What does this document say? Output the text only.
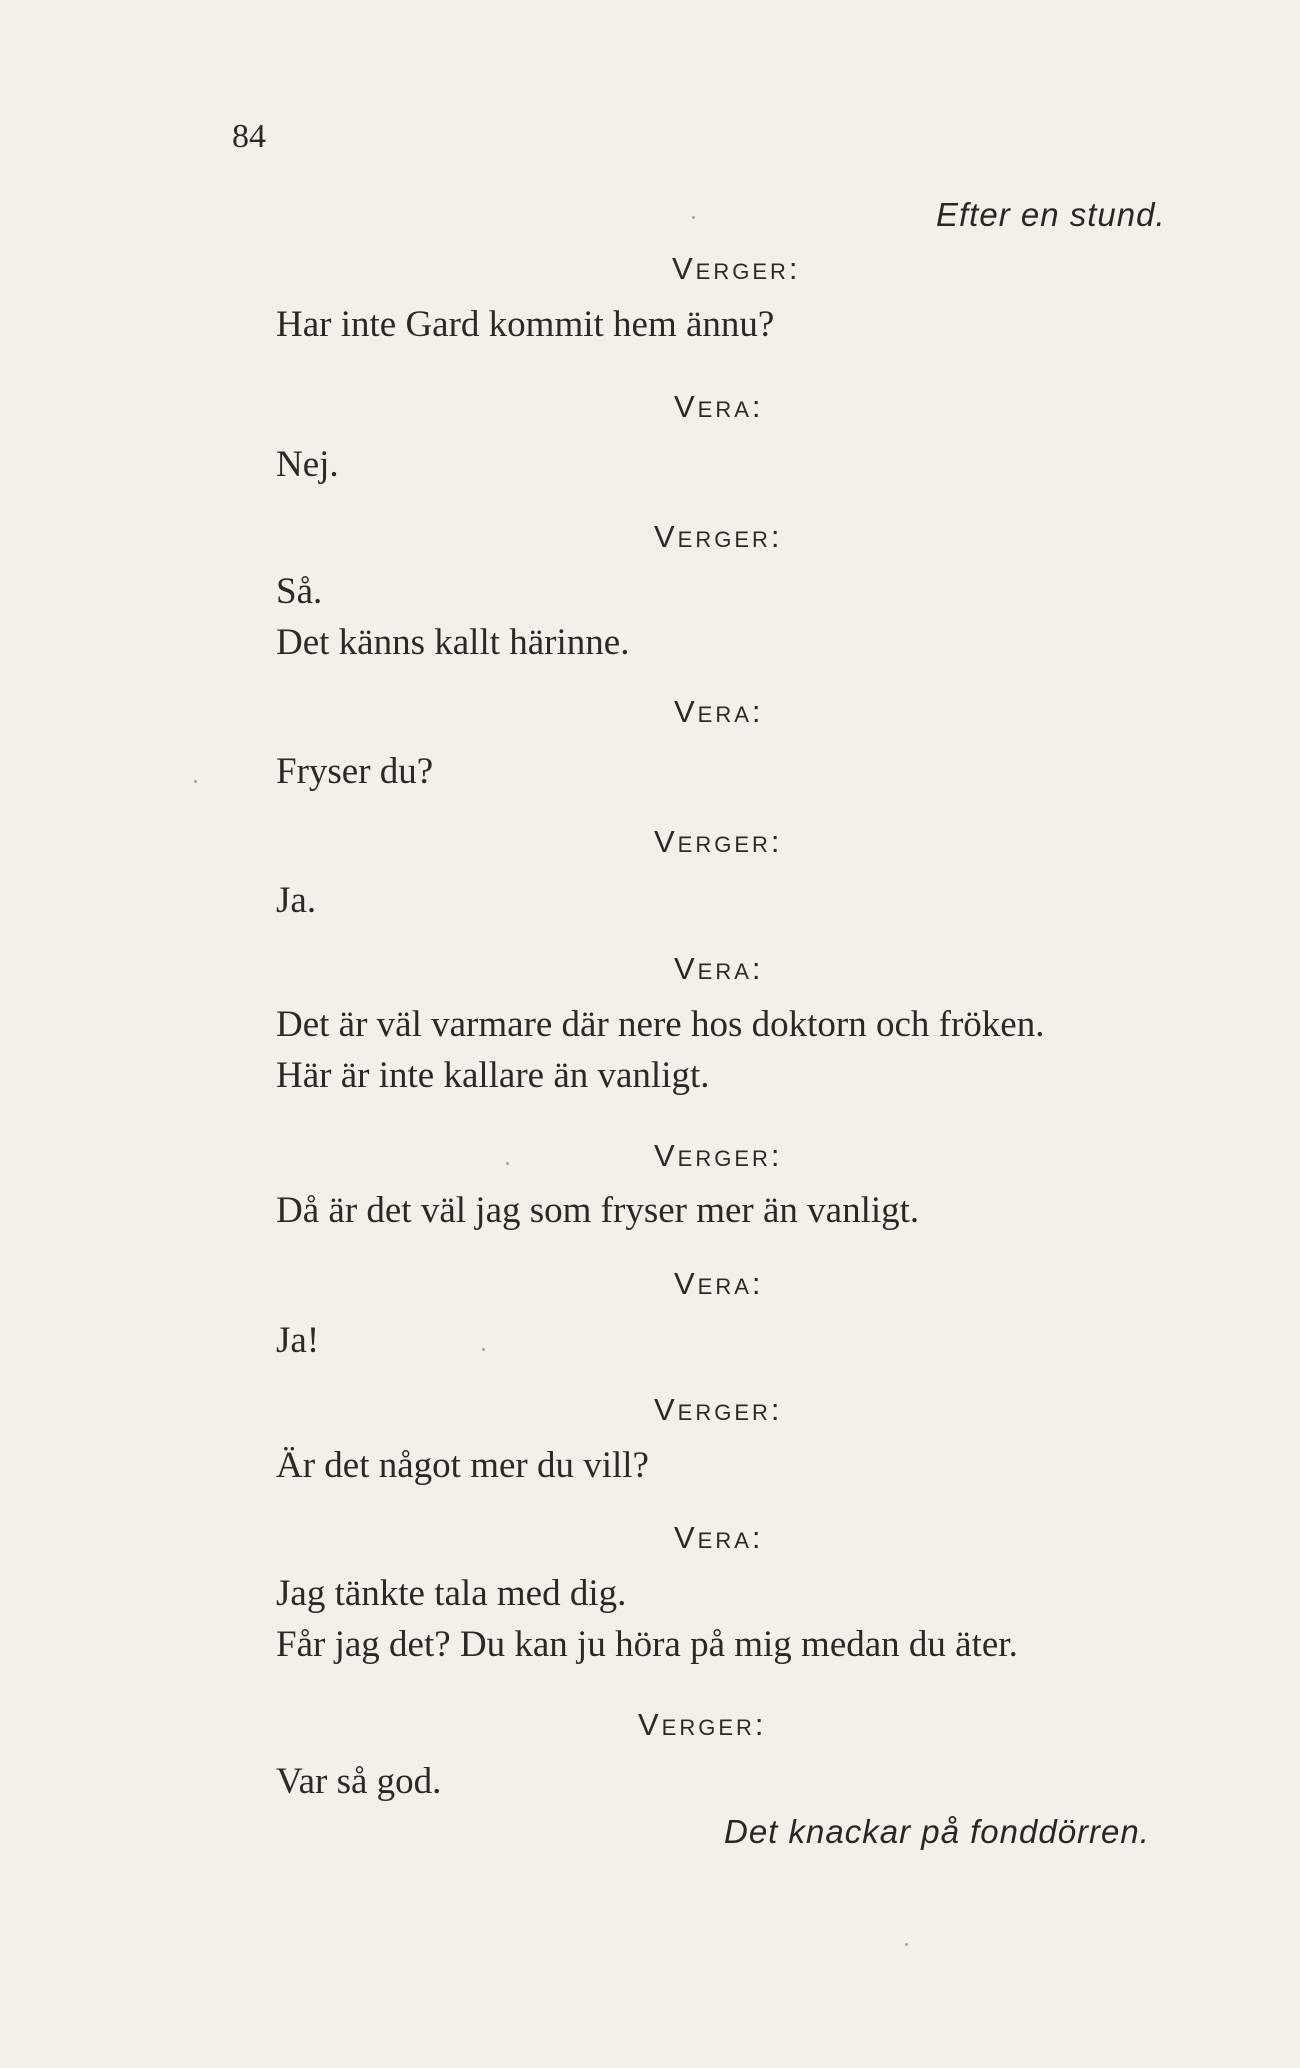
84
Efter en stund.
Verger:
Har inte Gard kommit hem ännu?
Vera:
Nej.
Verger:
Så.
Det känns kallt härinne.
Vera:
Fryser du?
Verger:
Ja.
Vera:
Det är väl varmare där nere hos doktorn och fröken.
Här är inte kallare än vanligt.
Verger:
Då är det väl jag som fryser mer än vanligt.
Vera:
Ja!
Verger:
Är det något mer du vill?
Vera:
Jag tänkte tala med dig.
Får jag det? Du kan ju höra på mig medan du äter.
Verger:
Var så god.
Det knackar på fonddörren.
